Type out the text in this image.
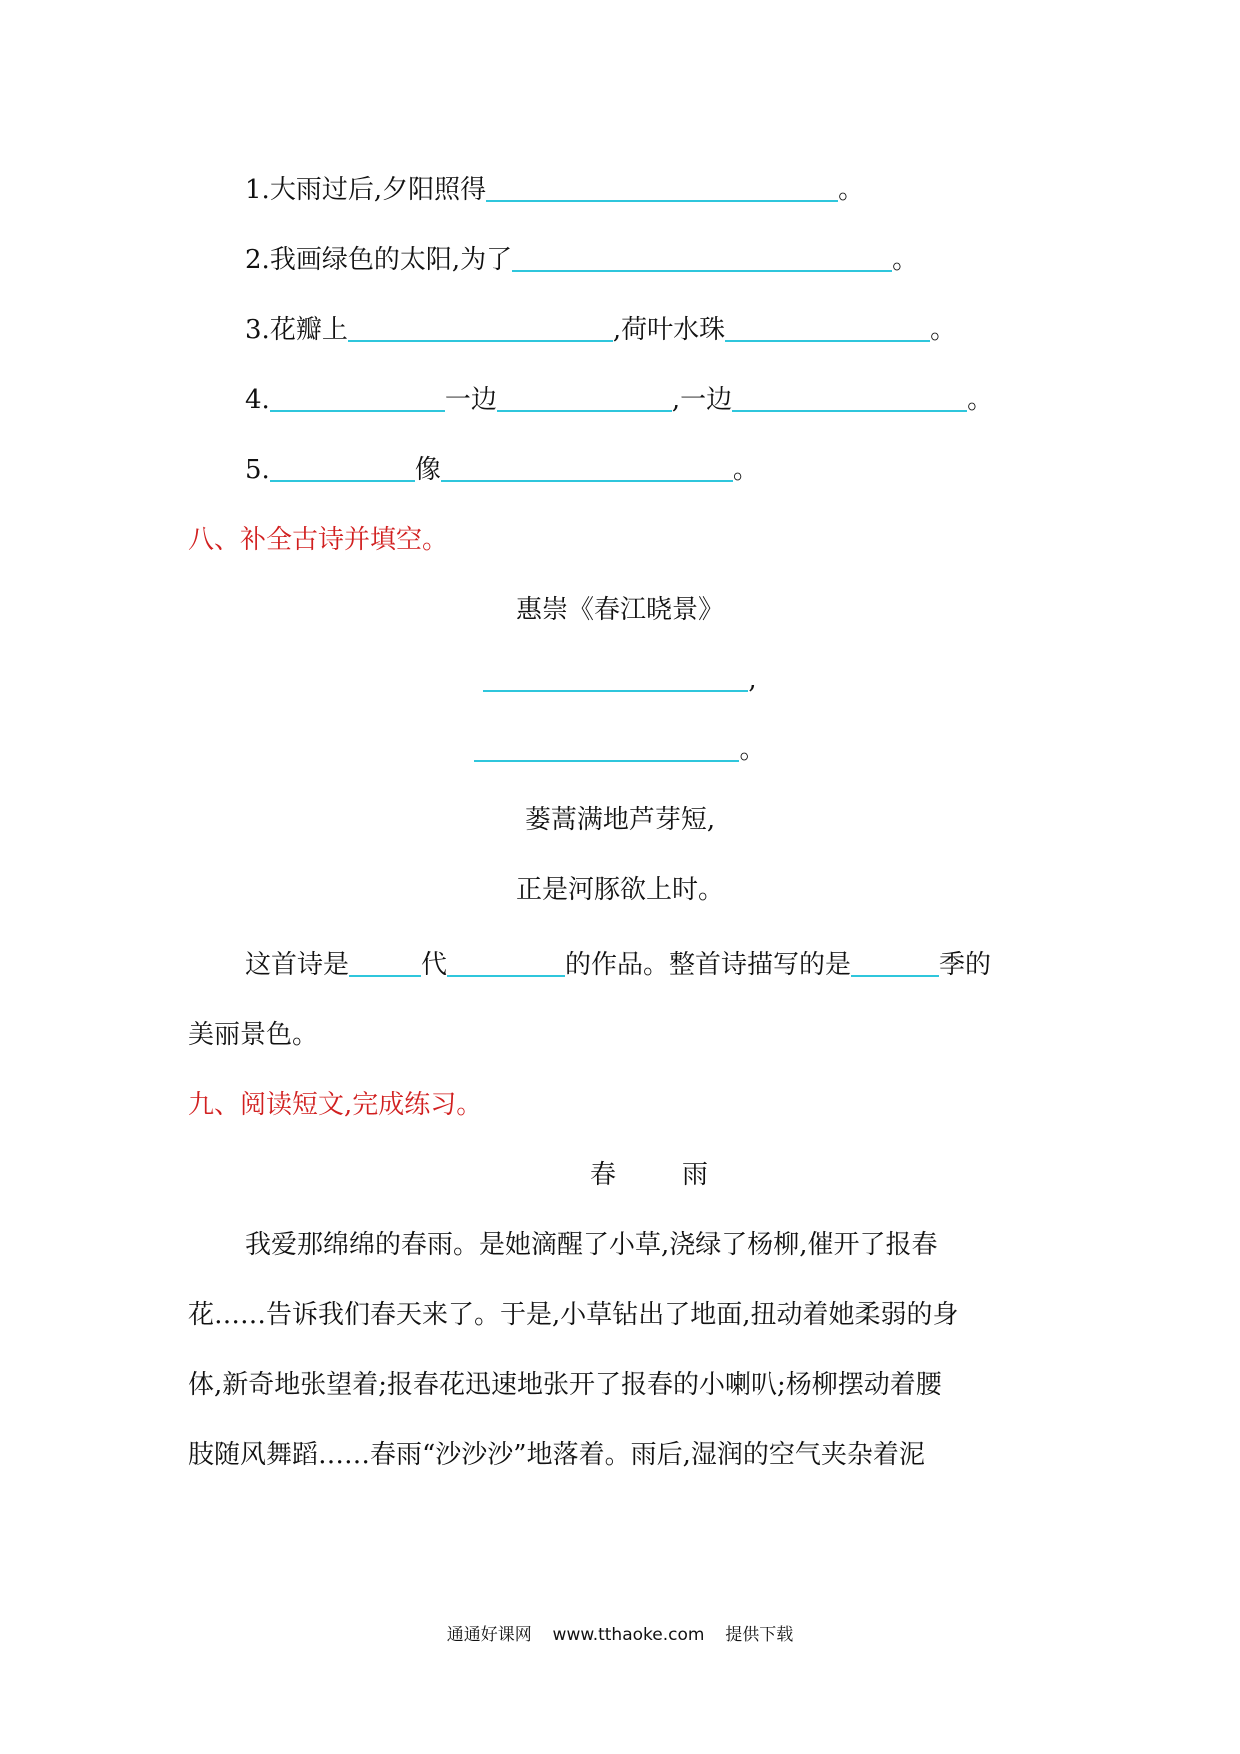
1.大雨过后,夕阳照得	。
2.我画绿色的太阳,为了	。
3.花瓣上	,荷叶水珠	。
4.	一边	,一边	。
5.	像	。
八、补全古诗并填空。
惠崇《春江晓景》
,
。
蒌蒿满地芦芽短,
正是河豚欲上时。
这首诗是	代	的作品。整首诗描写的是	季的
美丽景色。
九、阅读短文,完成练习。
春	雨
我爱那绵绵的春雨。是她滴醒了小草,浇绿了杨柳,催开了报春
花……告诉我们春天来了。于是,小草钻出了地面,扭动着她柔弱的身
体,新奇地张望着;报春花迅速地张开了报春的小喇叭;杨柳摆动着腰
肢随风舞蹈……春雨“沙沙沙”地落着。雨后,湿润的空气夹杂着泥
通通好课网 www.tthaoke.com 提供下载
